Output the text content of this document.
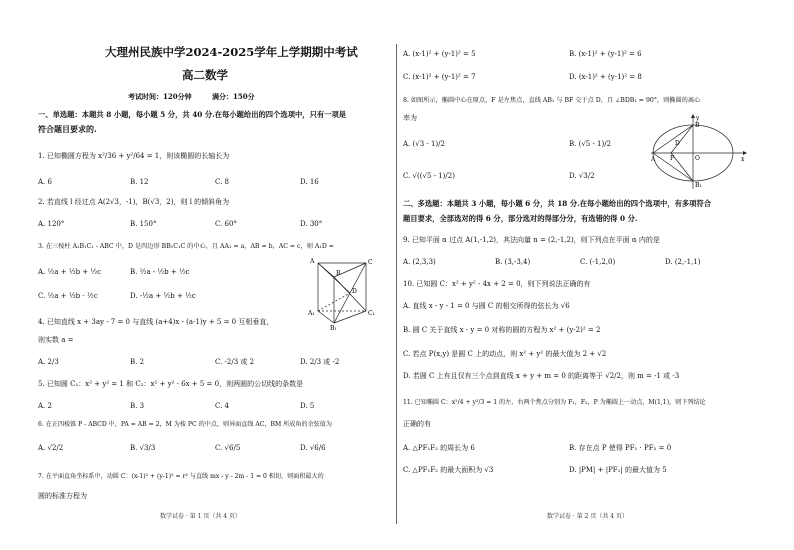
大理州民族中学2024-2025学年上学期期中考试
高二数学
考试时间：120分钟	满分：150分
一、单选题：本题共 8 小题，每小题 5 分，共 40 分.在每小题给出的四个选项中，只有一项是
符合题目要求的.
1. 已知椭圆方程为 x²/36 + y²/64 = 1，则该椭圆的长轴长为
A. 6	B. 12	C. 8	D. 16
2. 若直线 l 经过点 A(2√3，-1)，B(√3，2)，则 l 的倾斜角为
A. 120°	B. 150°	C. 60°	D. 30°
3. 在三棱柱 A₁B₁C₁ - ABC 中，D 是四边形 BB₁C₁C 的中心，且 AA₁ = a，AB = b，AC = c，则 A₁D =
A. ½a + ½b + ½c	B. ½a - ½b + ½c
C. ½a + ½b - ½c	D. -½a + ½b + ½c
A
B
C
D
A₁
B₁
C₁
4. 已知直线 x + 3ay - 7 = 0 与直线 (a+4)x - (a-1)y + 5 = 0 互相垂直，
则实数 a =
A. 2/3	B. 2	C. -2/3 或 2	D. 2/3 或 -2
5. 已知圆 C₁：x² + y² = 1 和 C₂：x² + y² - 6x + 5 = 0，则两圆的公切线的条数是
A. 2	B. 3	C. 4	D. 5
6. 在正四棱锥 P - ABCD 中，PA = AB = 2，M 为棱 PC 的中点，则异面直线 AC，BM 所成角的余弦值为
A. √2/2	B. √3/3	C. √6/5	D. √6/6
7. 在平面直角坐标系中，动圆 C：(x-1)² + (y-1)² = r² 与直线 mx - y - 2m - 1 = 0 相切，则面积最大的
圆的标准方程为
数学试卷 · 第 1 页（共 4 页）
A. (x-1)² + (y-1)² = 5	B. (x-1)² + (y-1)² = 6
C. (x-1)² + (y-1)² = 7	D. (x-1)² + (y-1)² = 8
8. 如图所示，椭圆中心在原点，F 是左焦点，直线 AB₁ 与 BF 交于点 D，且 ∠BDB₁ = 90°，则椭圆的离心
率为
A. (√3 - 1)/2	B. (√5 - 1)/2
C. √((√5 - 1)/2)	D. √3/2
x
y
O
F
A
B
B₁
D
二、多选题：本题共 3 小题，每小题 6 分，共 18 分.在每小题给出的四个选项中，有多项符合
题目要求，全部选对的得 6 分，部分选对的得部分分，有选错的得 0 分.
9. 已知平面 α 过点 A(1,-1,2)，其法向量 n = (2,-1,2)，则下列点在平面 α 内的是
A. (2,3,3)	B. (3,-3,4)	C. (-1,2,0)	D. (2,-1,1)
10. 已知圆 C：x² + y² - 4x + 2 = 0，则下列说法正确的有
A. 直线 x - y - 1 = 0 与圆 C 的相交所得的弦长为 √6
B. 圆 C 关于直线 x - y = 0 对称的圆的方程为 x² + (y-2)² = 2
C. 若点 P(x,y) 是圆 C 上的动点，则 x² + y² 的最大值为 2 + √2
D. 若圆 C 上有且仅有三个点到直线 x + y + m = 0 的距离等于 √2/2，则 m = -1 或 -3
11. 已知椭圆 C：x²/4 + y²/3 = 1 的左、右两个焦点分别为 F₁，F₂，P 为椭圆上一动点，M(1,1)，则下列结论
正确的有
A. △PF₁F₂ 的周长为 6	B. 存在点 P 使得 PF₁ · PF₂ = 0
C. △PF₁F₂ 的最大面积为 √3	D. |PM| + |PF₁| 的最大值为 5
数学试卷 · 第 2 页（共 4 页）
